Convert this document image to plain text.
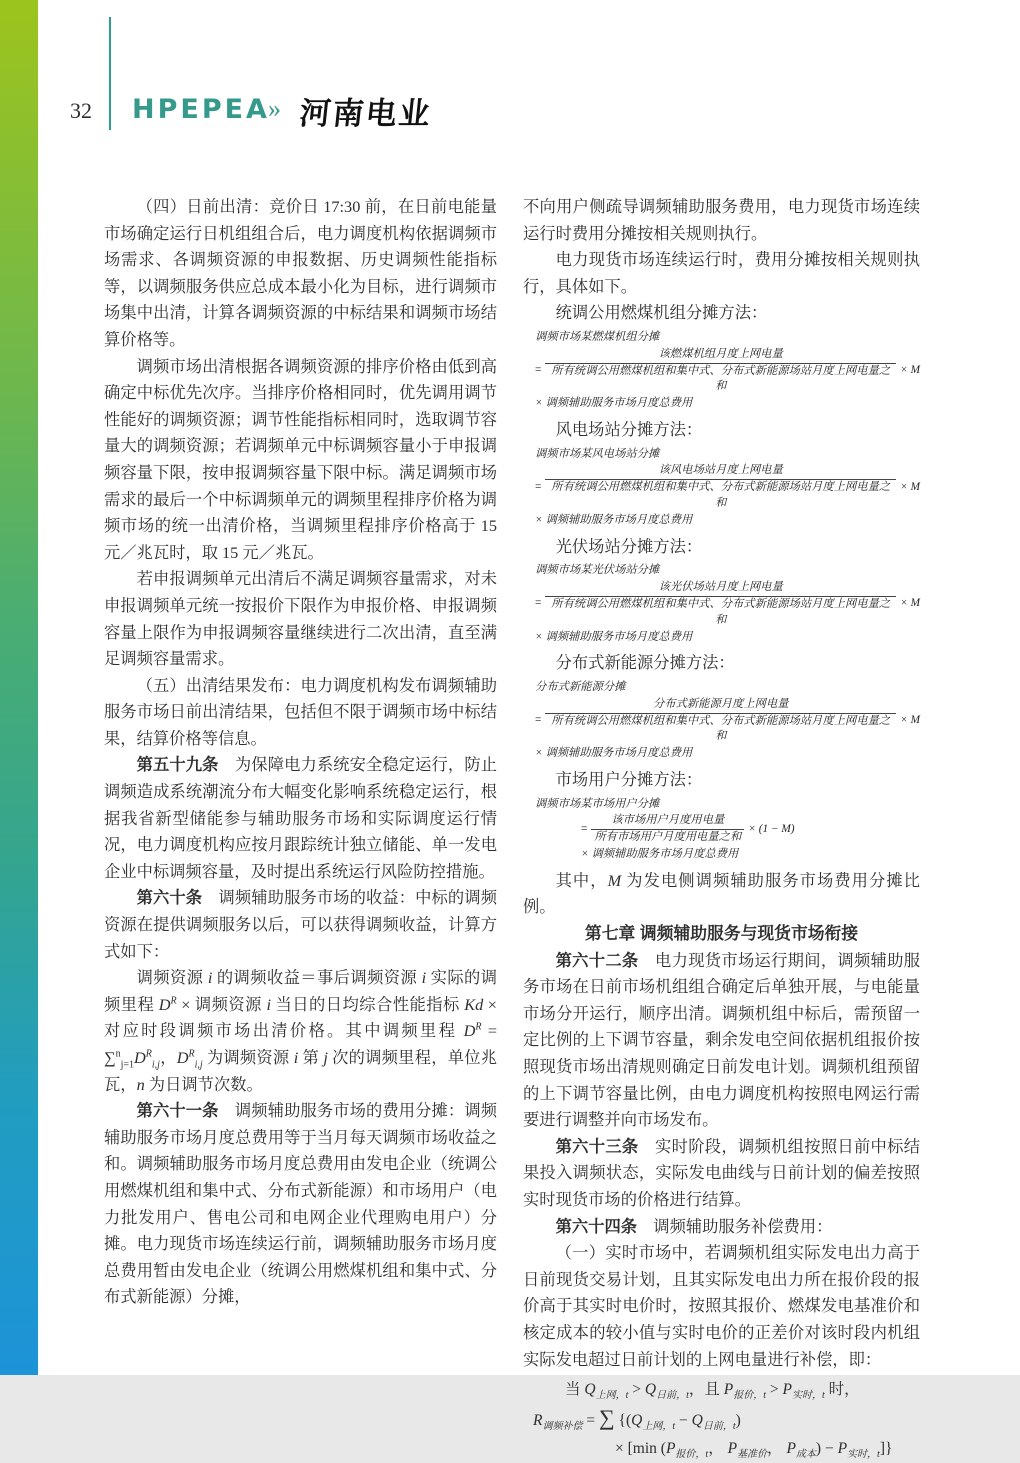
32 HPEPEA
» 河南电业

（四）日前出清：竞价日 17:30 前，在日前电能量市场确定运行日机组组合后，电力调度机构依据调频市场需求、各调频资源的申报数据、历史调频性能指标等，以调频服务供应总成本最小化为目标，进行调频市场集中出清，计算各调频资源的中标结果和调频市场结算价格等。

调频市场出清根据各调频资源的排序价格由低到高确定中标优先次序。当排序价格相同时，优先调用调节性能好的调频资源；调节性能指标相同时，选取调节容量大的调频资源；若调频单元中标调频容量小于申报调频容量下限，按申报调频容量下限中标。满足调频市场需求的最后一个中标调频单元的调频里程排序价格为调频市场的统一出清价格，当调频里程排序价格高于 15 元／兆瓦时，取 15 元／兆瓦。

若申报调频单元出清后不满足调频容量需求，对未申报调频单元统一按报价下限作为申报价格、申报调频容量上限作为申报调频容量继续进行二次出清，直至满足调频容量需求。

（五）出清结果发布：电力调度机构发布调频辅助服务市场日前出清结果，包括但不限于调频市场中标结果，结算价格等信息。

第五十九条　为保障电力系统安全稳定运行，防止调频造成系统潮流分布大幅变化影响系统稳定运行，根据我省新型储能参与辅助服务市场和实际调度运行情况，电力调度机构应按月跟踪统计独立储能、单一发电企业中标调频容量，及时提出系统运行风险防控措施。

第六十条　调频辅助服务市场的收益：中标的调频资源在提供调频服务以后，可以获得调频收益，计算方式如下：

调频资源 i 的调频收益＝事后调频资源 i 实际的调频里程 $D^R$ × 调频资源 i 当日的日均综合性能指标 Kd × 对应时段调频市场出清价格。其中调频里程 $D^R = \sum^n_{j=1}D^R_{i,j}$，$D^R_{i,j}$ 为调频资源 i 第 j 次的调频里程，单位兆瓦，n 为日调节次数。

第六十一条　调频辅助服务市场的费用分摊：调频辅助服务市场月度总费用等于当月每天调频市场收益之和。调频辅助服务市场月度总费用由发电企业（统调公用燃煤机组和集中式、分布式新能源）和市场用户（电力批发用户、售电公司和电网企业代理购电用户）分摊。电力现货市场连续运行前，调频辅助服务市场月度总费用暂由发电企业（统调公用燃煤机组和集中式、分布式新能源）分摊，

不向用户侧疏导调频辅助服务费用，电力现货市场连续运行时费用分摊按相关规则执行。

电力现货市场连续运行时，费用分摊按相关规则执行，具体如下。

统调公用燃煤机组分摊方法：

调频市场某燃煤机组分摊
= $\frac{\text{该燃煤机组月度上网电量}}{\text{所有统调公用燃煤机组和集中式、分布式新能源场站月度上网电量之和}} \times M$
× 调频辅助服务市场月度总费用

风电场站分摊方法：

调频市场某风电场站分摊
= $\frac{\text{该风电场站月度上网电量}}{\text{所有统调公用燃煤机组和集中式、分布式新能源场站月度上网电量之和}} \times M$
× 调频辅助服务市场月度总费用

光伏场站分摊方法：

调频市场某光伏场站分摊
= $\frac{\text{该光伏场站月度上网电量}}{\text{所有统调公用燃煤机组和集中式、分布式新能源场站月度上网电量之和}} \times M$
× 调频辅助服务市场月度总费用

分布式新能源分摊方法：

分布式新能源分摊
= $\frac{\text{分布式新能源月度上网电量}}{\text{所有统调公用燃煤机组和集中式、分布式新能源场站月度上网电量之和}} \times M$
× 调频辅助服务市场月度总费用

市场用户分摊方法：

调频市场某市场用户分摊
= $\frac{\text{该市场用户月度用电量}}{\text{所有市场用户月度用电量之和}} \times (1 - M)$
× 调频辅助服务市场月度总费用

其中，M 为发电侧调频辅助服务市场费用分摊比例。

第七章 调频辅助服务与现货市场衔接

第六十二条　电力现货市场运行期间，调频辅助服务市场在日前市场机组组合确定后单独开展，与电能量市场分开运行，顺序出清。调频机组中标后，需预留一定比例的上下调节容量，剩余发电空间依据机组报价按照现货市场出清规则确定日前发电计划。调频机组预留的上下调节容量比例，由电力调度机构按照电网运行需要进行调整并向市场发布。

第六十三条　实时阶段，调频机组按照日前中标结果投入调频状态，实际发电曲线与日前计划的偏差按照实时现货市场的价格进行结算。

第六十四条　调频辅助服务补偿费用：

（一）实时市场中，若调频机组实际发电出力高于日前现货交易计划，且其实际发电出力所在报价段的报价高于其实时电价时，按照其报价、燃煤发电基准价和核定成本的较小值与实时电价的正差价对该时段内机组实际发电超过日前计划的上网电量进行补偿，即：

当 $Q_{上网,t} > Q_{日前,t}$，且 $P_{报价,t} > P_{实时,t}$ 时，
$R_{调频补偿}$ = ∑ {$(Q_{上网,t} - Q_{日前,t})$
× [min ($P_{报价,t}$， $P_{基准价}$， $P_{成本}) - P_{实时,t}$]}
